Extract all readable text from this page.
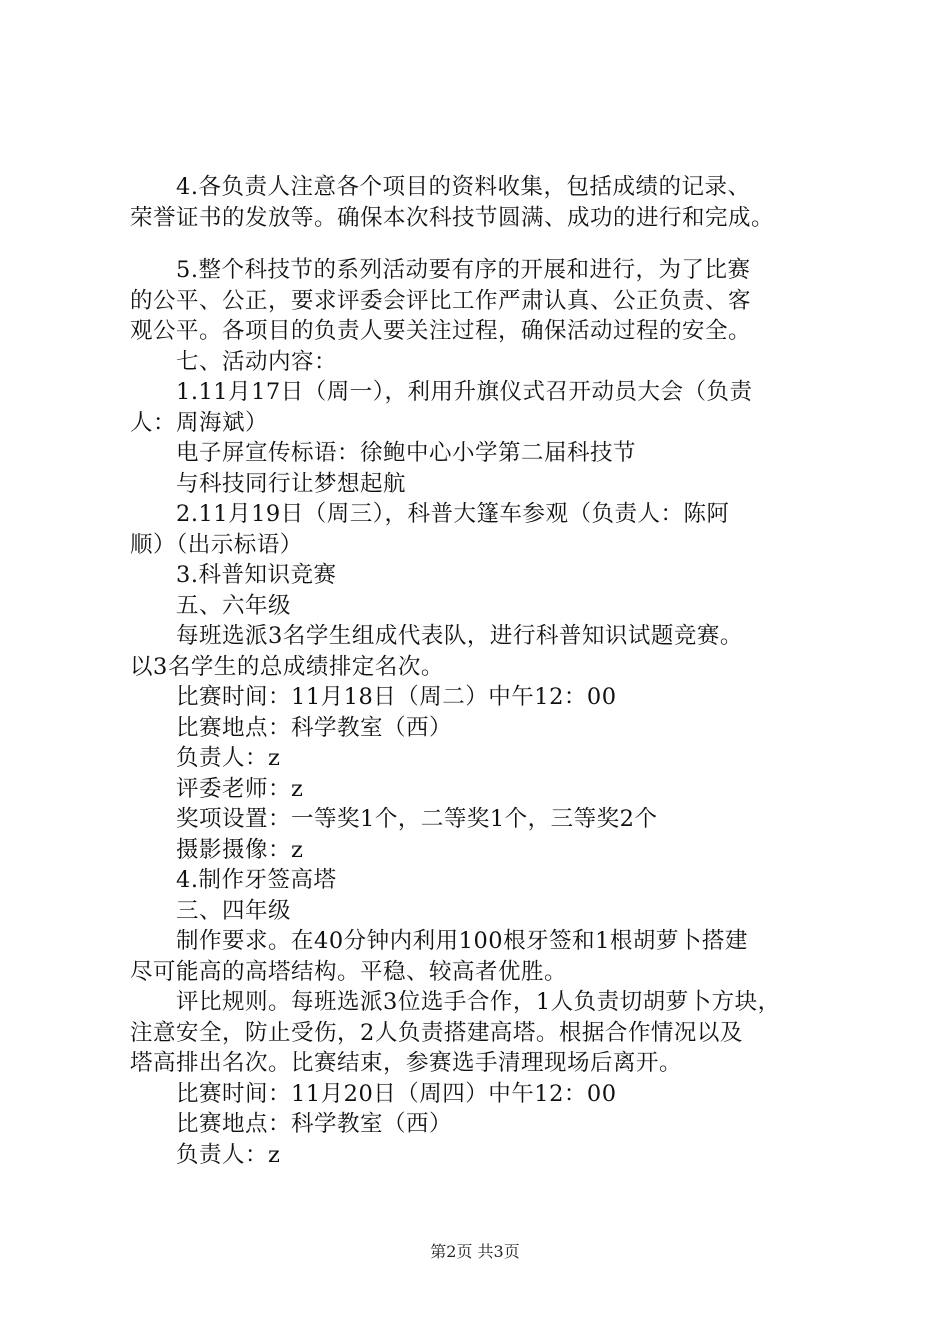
4.各负责人注意各个项目的资料收集，包括成绩的记录、

荣誉证书的发放等。确保本次科技节圆满、成功的进行和完成。

5.整个科技节的系列活动要有序的开展和进行，为了比赛

的公平、公正，要求评委会评比工作严肃认真、公正负责、客

观公平。各项目的负责人要关注过程，确保活动过程的安全。

七、活动内容：

1.11月17日（周一），利用升旗仪式召开动员大会（负责

人：周海斌）

电子屏宣传标语：徐鲍中心小学第二届科技节

与科技同行让梦想起航

2.11月19日（周三），科普大篷车参观（负责人：陈阿

顺）（出示标语）

3.科普知识竞赛

五、六年级

每班选派3名学生组成代表队，进行科普知识试题竞赛。

以3名学生的总成绩排定名次。

比赛时间：11月18日（周二）中午12：00

比赛地点：科学教室（西）

负责人：z

评委老师：z

奖项设置：一等奖1个，二等奖1个，三等奖2个

摄影摄像：z

4.制作牙签高塔

三、四年级

制作要求。在40分钟内利用100根牙签和1根胡萝卜搭建

尽可能高的高塔结构。平稳、较高者优胜。

评比规则。每班选派3位选手合作，1人负责切胡萝卜方块，

注意安全，防止受伤，2人负责搭建高塔。根据合作情况以及

塔高排出名次。比赛结束，参赛选手清理现场后离开。

比赛时间：11月20日（周四）中午12：00

比赛地点：科学教室（西）

负责人：z

第2页 共3页
